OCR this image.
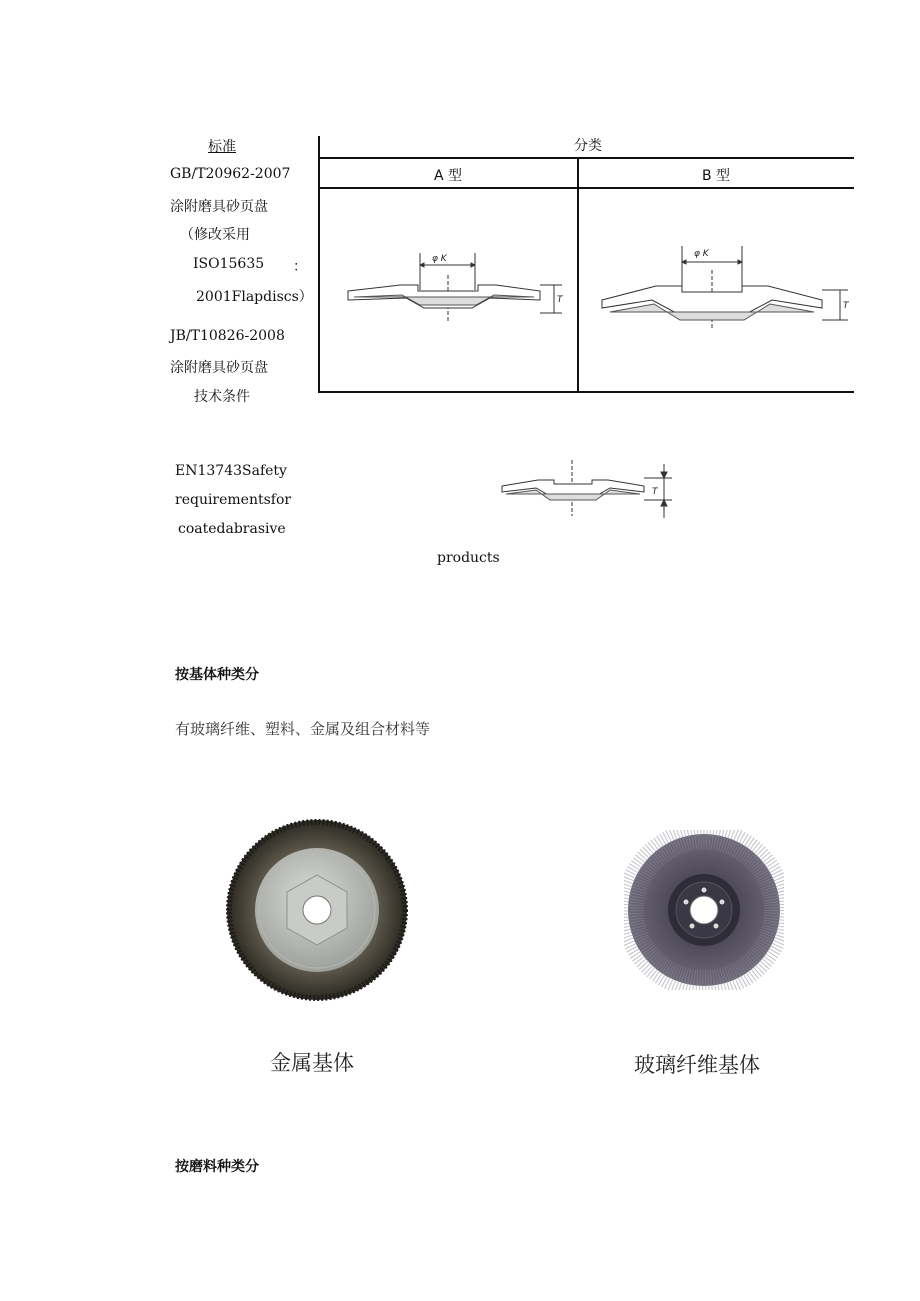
标准
GB/T20962-2007
涂附磨具砂页盘
（修改采用
ISO15635 ：
2001Flapdiscs）
JB/T10826-2008
涂附磨具砂页盘
技术条件
EN13743Safety
requirementsfor
coatedabrasive
products
分类
A 型	B 型
φ K
T
φ K
T
T
按基体种类分
有玻璃纤维、塑料、金属及组合材料等
金属基体	玻璃纤维基体
按磨料种类分
